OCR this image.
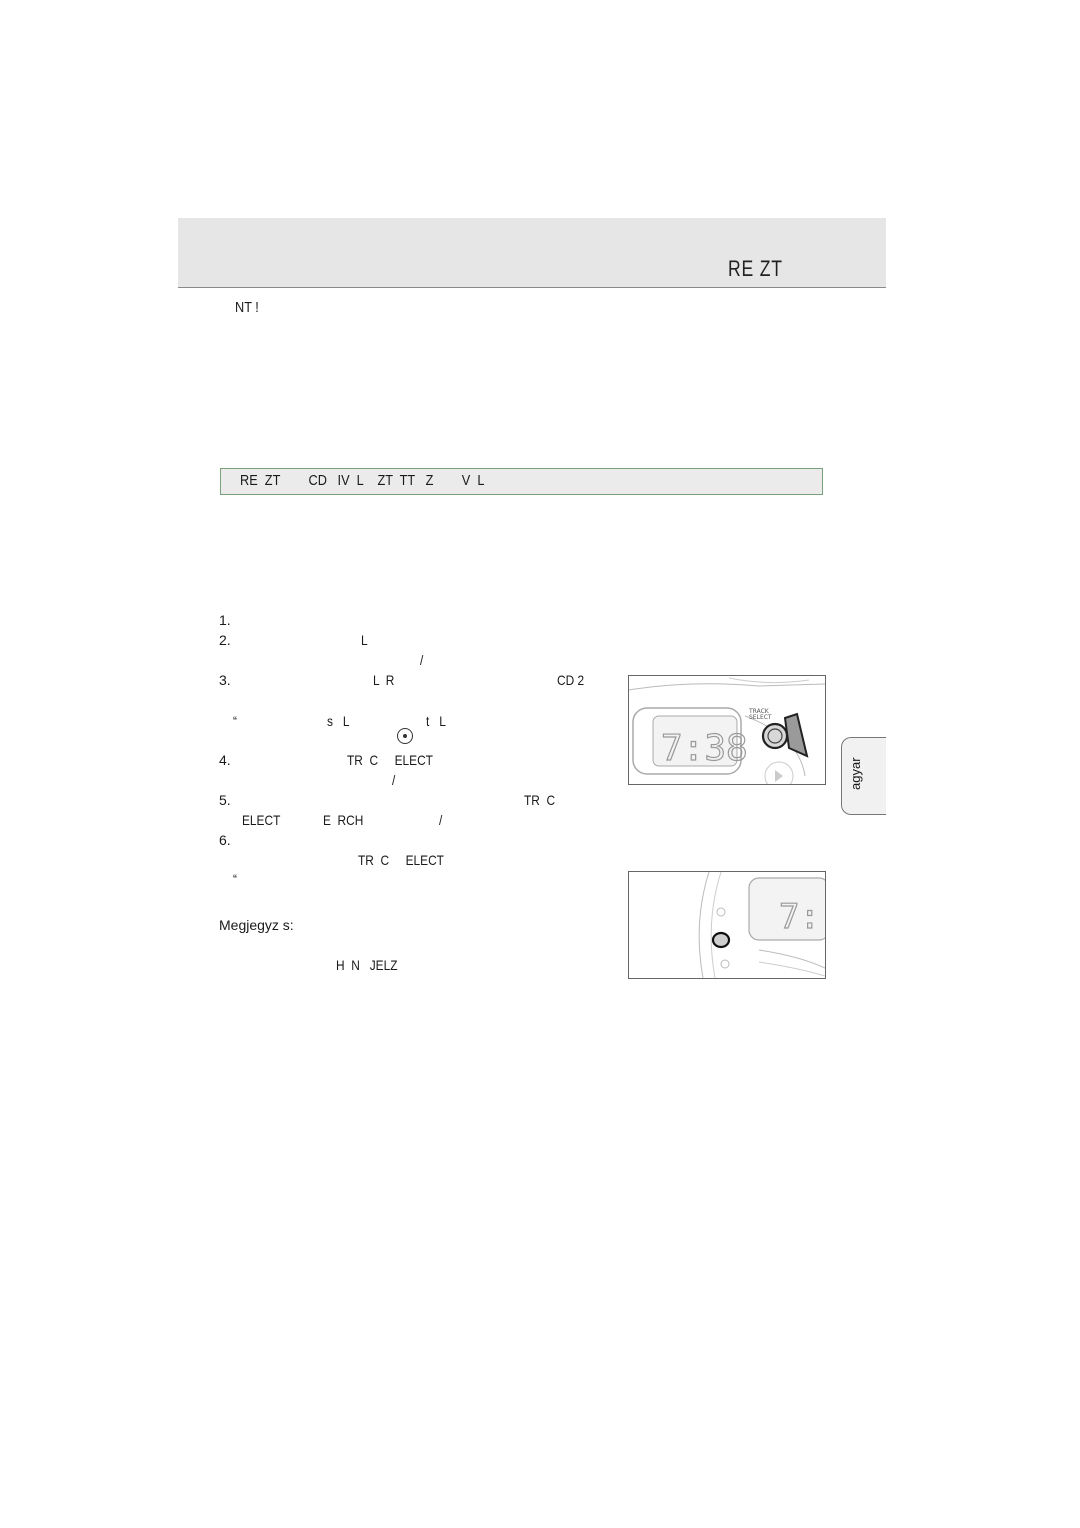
RE ZT
NT !
RE  ZT        CD   IV  L    ZT  TT   Z        V  L
1.
2.	L
/
3.	L  R	CD 2
“	s   L	t   L
4.	TR  C     ELECT
/
5.	TR  C
ELECT	E  RCH	/
6.
TR  C     ELECT
“
Megjegyz s:
H  N   JELZ
7:38
TRACK
SELECT
7:
agyar
